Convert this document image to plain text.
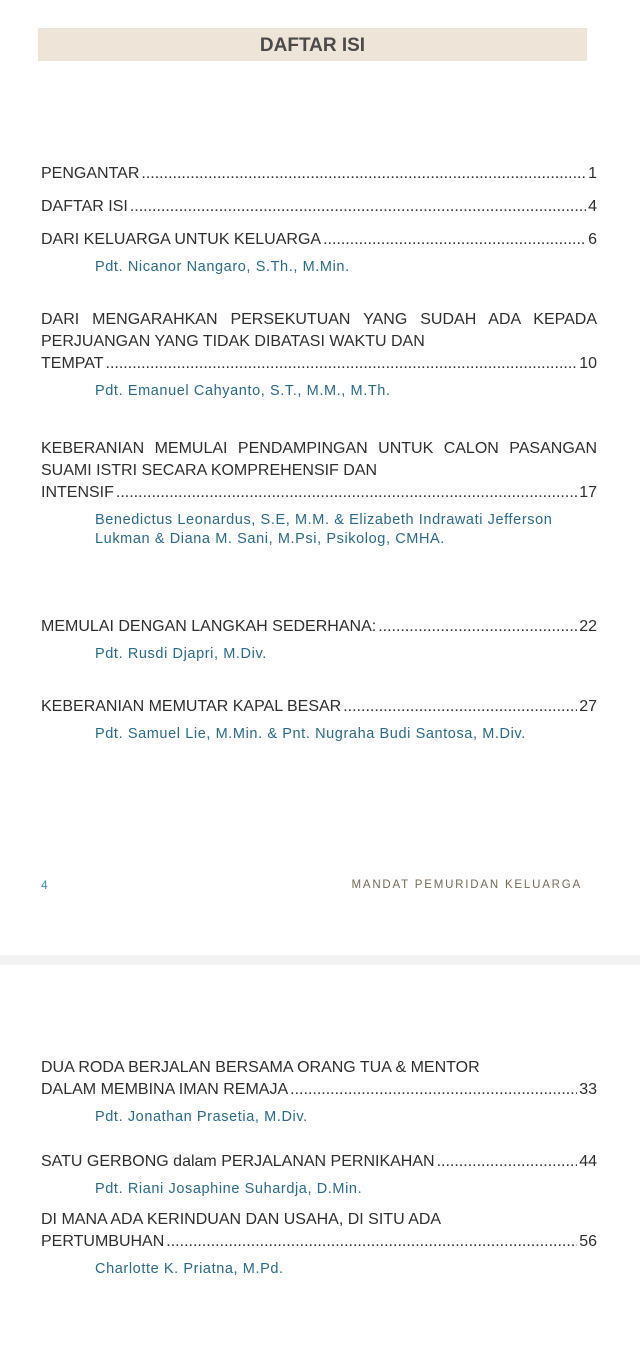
DAFTAR ISI
PENGANTAR .....	1
DAFTAR ISI .....	4
DARI KELUARGA UNTUK KELUARGA .....	6
Pdt. Nicanor Nangaro, S.Th., M.Min.
DARI MENGARAHKAN PERSEKUTUAN YANG SUDAH ADA KEPADA PERJUANGAN YANG TIDAK DIBATASI WAKTU DAN
TEMPAT .....	10
Pdt. Emanuel Cahyanto, S.T., M.M., M.Th.
KEBERANIAN MEMULAI PENDAMPINGAN UNTUK CALON PASANGAN SUAMI ISTRI SECARA KOMPREHENSIF DAN
INTENSIF .....	17
Benedictus Leonardus, S.E, M.M. & Elizabeth Indrawati Jefferson Lukman & Diana M. Sani, M.Psi, Psikolog, CMHA.
MEMULAI DENGAN LANGKAH SEDERHANA: .....	22
Pdt. Rusdi Djapri, M.Div.
KEBERANIAN MEMUTAR KAPAL BESAR .....	27
Pdt. Samuel Lie, M.Min. & Pnt. Nugraha Budi Santosa, M.Div.
4	MANDAT PEMURIDAN KELUARGA
DUA RODA BERJALAN BERSAMA ORANG TUA & MENTOR
DALAM MEMBINA IMAN REMAJA .....	33
Pdt. Jonathan Prasetia, M.Div.
SATU GERBONG dalam PERJALANAN PERNIKAHAN .....	44
Pdt. Riani Josaphine Suhardja, D.Min.
DI MANA ADA KERINDUAN DAN USAHA, DI SITU ADA
PERTUMBUHAN .....	56
Charlotte K. Priatna, M.Pd.
